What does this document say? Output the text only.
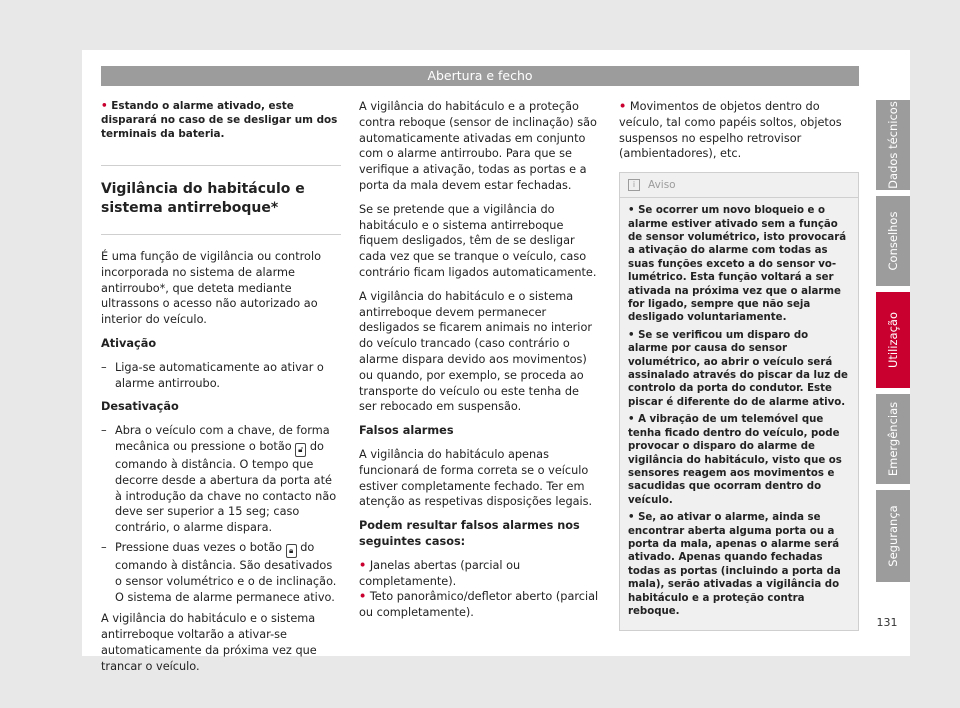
Abertura e fecho

• Estando o alarme ativado, este disparará no caso de se desligar um dos terminais da bateria.

Vigilância do habitáculo e sistema antirreboque*

É uma função de vigilância ou controlo incorporada no sistema de alarme antirroubo*, que deteta mediante ultrassons o acesso não autorizado ao interior do veículo.

Ativação

– Liga-se automaticamente ao ativar o alarme antirroubo.

Desativação

– Abra o veículo com a chave, de forma mecânica ou pressione o botão 🔓︎ do comando à distância. O tempo que decorre desde a abertura da porta até à introdução da chave no contacto não deve ser superior a 15 seg; caso contrário, o alarme dispara.
– Pressione duas vezes o botão 🔒︎ do comando à distância. São desativados o sensor volumétrico e o de inclinação. O sistema de alarme permanece ativo.

A vigilância do habitáculo e o sistema antirreboque voltarão a ativar-se automaticamente da próxima vez que trancar o veículo.

A vigilância do habitáculo e a proteção contra reboque (sensor de inclinação) são automaticamente ativadas em conjunto com o alarme antirroubo. Para que se verifique a ativação, todas as portas e a porta da mala devem estar fechadas.

Se se pretende que a vigilância do habitáculo e o sistema antirreboque fiquem desligados, têm de se desligar cada vez que se tranque o veículo, caso contrário ficam ligados automaticamente.

A vigilância do habitáculo e o sistema antirreboque devem permanecer desligados se ficarem animais no interior do veículo trancado (caso contrário o alarme dispara devido aos movimentos) ou quando, por exemplo, se proceda ao transporte do veículo ou este tenha de ser rebocado em suspensão.

Falsos alarmes

A vigilância do habitáculo apenas funcionará de forma correta se o veículo estiver completamente fechado. Ter em atenção as respetivas disposições legais.

Podem resultar falsos alarmes nos seguintes casos:

• Janelas abertas (parcial ou completamente).
• Teto panorâmico/defletor aberto (parcial ou completamente).
• Movimentos de objetos dentro do veículo, tal como papéis soltos, objetos suspensos no espelho retrovisor (ambientadores), etc.
i Aviso

• Se ocorrer um novo bloqueio e o alarme estiver ativado sem a função de sensor volumétrico, isto provocará a ativação do alarme com todas as suas funções exceto a do sensor volumétrico. Esta função voltará a ser ativada na próxima vez que o alarme for ligado, sempre que não seja desligado voluntariamente.

• Se se verificou um disparo do alarme por causa do sensor volumétrico, ao abrir o veículo será assinalado através do piscar da luz de controlo da porta do condutor. Este piscar é diferente do de alarme ativo.

• A vibração de um telemóvel que tenha ficado dentro do veículo, pode provocar o disparo do alarme de vigilância do habitáculo, visto que os sensores reagem aos movimentos e sacudidas que ocorram dentro do veículo.

• Se, ao ativar o alarme, ainda se encontrar aberta alguma porta ou a porta da mala, apenas o alarme será ativado. Apenas quando fechadas todas as portas (incluindo a porta da mala), serão ativadas a vigilância do habitáculo e a proteção contra reboque.

Dados técnicos
Conselhos
Utilização
Emergências
Segurança
131
